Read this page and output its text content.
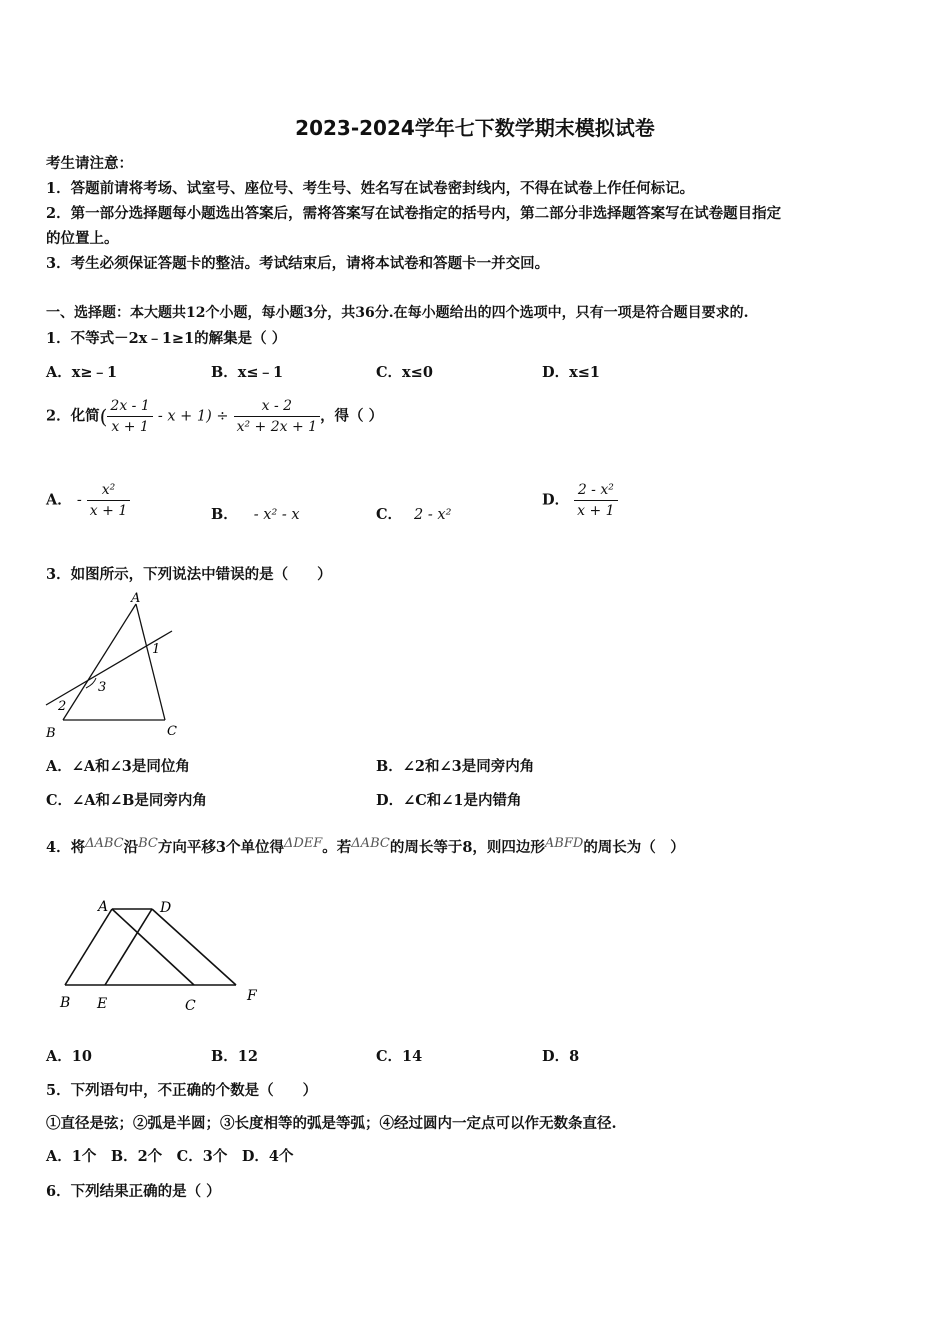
2023-2024学年七下数学期末模拟试卷
考生请注意：
1．答题前请将考场、试室号、座位号、考生号、姓名写在试卷密封线内，不得在试卷上作任何标记。
2．第一部分选择题每小题选出答案后，需将答案写在试卷指定的括号内，第二部分非选择题答案写在试卷题目指定
的位置上。
3．考生必须保证答题卡的整洁。考试结束后，请将本试卷和答题卡一并交回。
一、选择题：本大题共12个小题，每小题3分，共36分.在每小题给出的四个选项中，只有一项是符合题目要求的.
1．不等式－2x﹣1≥1的解集是（ ）
A．x≥﹣1	B．x≤﹣1	C．x≤0	D．x≤1
2．化简( $\frac{2x - 1}{x + 1} - x + 1) \div \frac{x - 2}{\text{x² + 2x + 1}}$ ，得（ ）
A． - $\frac{\text{x²}}{x + 1}$	B． - x² - x	C． 2 - x²
D． $\frac{\text{2 - x²}}{x + 1}$
3．如图所示，下列说法中错误的是（　　）
A
B	C
1
2
3
A．∠A和∠3是同位角	B．∠2和∠3是同旁内角
C．∠A和∠B是同旁内角	D．∠C和∠1是内错角
4．将ΔABC沿BC方向平移3个单位得ΔDEF。若ΔABC的周长等于8，则四边形ABFD的周长为（　）
A	D
B E	C
F
A．10	B．12	C．14	D．8
5．下列语句中，不正确的个数是（　　）
①直径是弦；②弧是半圆；③长度相等的弧是等弧；④经过圆内一定点可以作无数条直径.
A．1个　B．2个　C．3个　D．4个
6．下列结果正确的是（ ）
